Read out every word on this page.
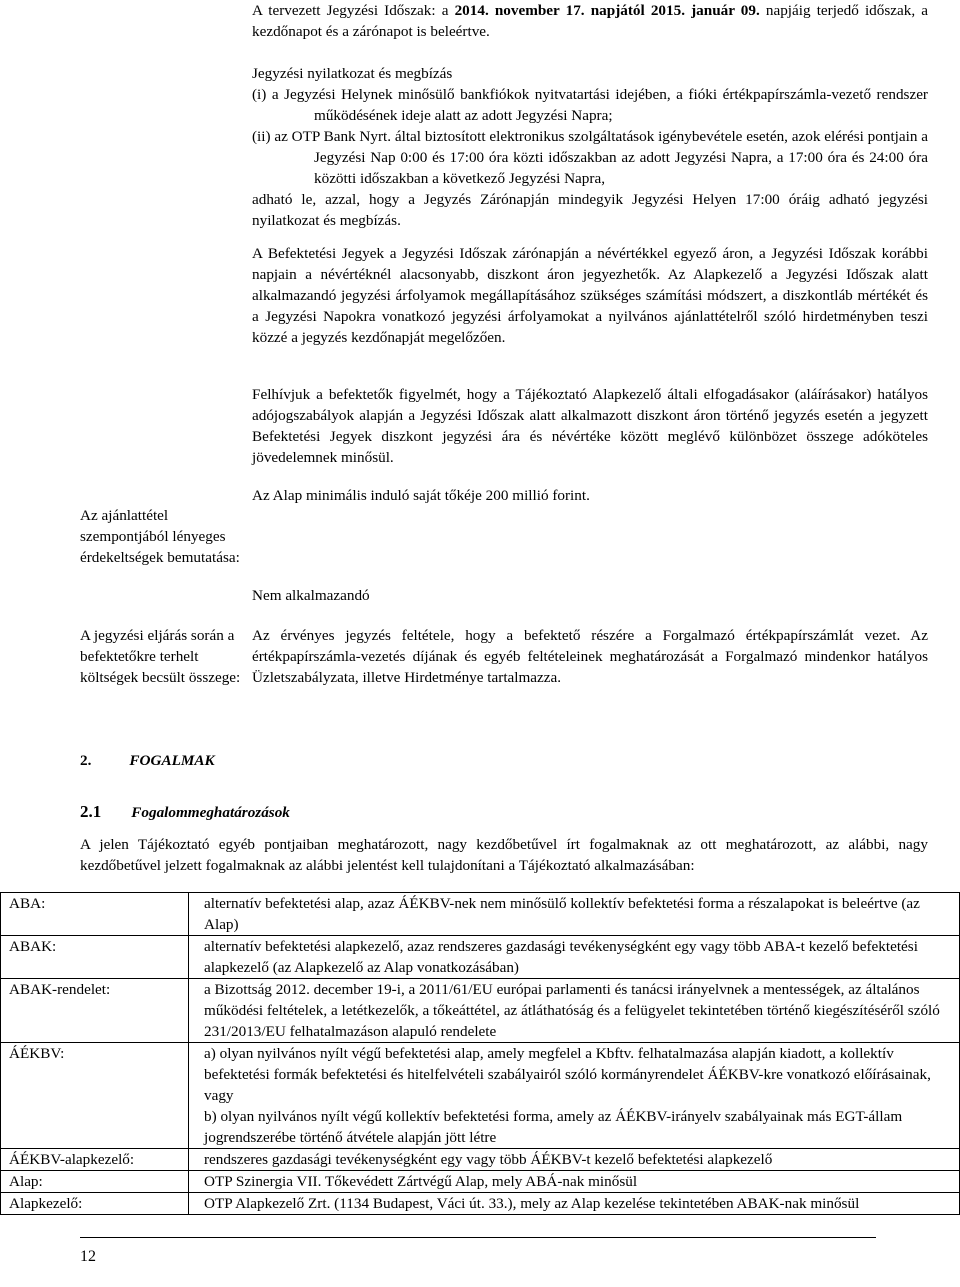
A tervezett Jegyzési Időszak: a 2014. november 17. napjától 2015. január 09. napjáig terjedő időszak, a kezdőnapot és a zárónapot is beleértve.
Jegyzési nyilatkozat és megbízás
(i) a Jegyzési Helynek minősülő bankfiókok nyitvatartási idejében, a fióki értékpapírszámla-vezető rendszer működésének ideje alatt az adott Jegyzési Napra;
(ii) az OTP Bank Nyrt. által biztosított elektronikus szolgáltatások igénybevétele esetén, azok elérési pontjain a Jegyzési Nap 0:00 és 17:00 óra közti időszakban az adott Jegyzési Napra, a 17:00 óra és 24:00 óra közötti időszakban a következő Jegyzési Napra,
adható le, azzal, hogy a Jegyzés Zárónapján mindegyik Jegyzési Helyen 17:00 óráig adható jegyzési nyilatkozat és megbízás.
A Befektetési Jegyek a Jegyzési Időszak zárónapján a névértékkel egyező áron, a Jegyzési Időszak korábbi napjain a névértéknél alacsonyabb, diszkont áron jegyezhetők. Az Alapkezelő a Jegyzési Időszak alatt alkalmazandó jegyzési árfolyamok megállapításához szükséges számítási módszert, a diszkontláb mértékét és a Jegyzési Napokra vonatkozó jegyzési árfolyamokat a nyilvános ajánlattételről szóló hirdetményben teszi közzé a jegyzés kezdőnapját megelőzően.
Felhívjuk a befektetők figyelmét, hogy a Tájékoztató Alapkezelő általi elfogadásakor (aláírásakor) hatályos adójogszabályok alapján a Jegyzési Időszak alatt alkalmazott diszkont áron történő jegyzés esetén a jegyzett Befektetési Jegyek diszkont jegyzési ára és névértéke között meglévő különbözet összege adóköteles jövedelemnek minősül.
Az Alap minimális induló saját tőkéje 200 millió forint.
Az ajánlattétel szempontjából lényeges érdekeltségek bemutatása:
Nem alkalmazandó
A jegyzési eljárás során a befektetőkre terhelt költségek becsült összege:
Az érvényes jegyzés feltétele, hogy a befektető részére a Forgalmazó értékpapírszámlát vezet. Az értékpapírszámla-vezetés díjának és egyéb feltételeinek meghatározását a Forgalmazó mindenkor hatályos Üzletszabályzata, illetve Hirdetménye tartalmazza.
2.	FOGALMAK
2.1 Fogalommeghatározások
A jelen Tájékoztató egyéb pontjaiban meghatározott, nagy kezdőbetűvel írt fogalmaknak az ott meghatározott, az alábbi, nagy kezdőbetűvel jelzett fogalmaknak az alábbi jelentést kell tulajdonítani a Tájékoztató alkalmazásában:
ABA:	alternatív befektetési alap, azaz ÁÉKBV-nek nem minősülő kollektív befektetési forma a részalapokat is beleértve (az Alap)
ABAK:	alternatív befektetési alapkezelő, azaz rendszeres gazdasági tevékenységként egy vagy több ABA-t kezelő befektetési alapkezelő (az Alapkezelő az Alap vonatkozásában)
ABAK-rendelet:	a Bizottság 2012. december 19-i, a 2011/61/EU európai parlamenti és tanácsi irányelvnek a mentességek, az általános működési feltételek, a letétkezelők, a tőkeáttétel, az átláthatóság és a felügyelet tekintetében történő kiegészítéséről szóló 231/2013/EU felhatalmazáson alapuló rendelete
ÁÉKBV:	a) olyan nyilvános nyílt végű befektetési alap, amely megfelel a Kbftv. felhatalmazása alapján kiadott, a kollektív befektetési formák befektetési és hitelfelvételi szabályairól szóló kormányrendelet ÁÉKBV-kre vonatkozó előírásainak, vagy
b) olyan nyilvános nyílt végű kollektív befektetési forma, amely az ÁÉKBV-irányelv szabályainak más EGT-állam jogrendszerébe történő átvétele alapján jött létre

ÁÉKBV-alapkezelő:	rendszeres gazdasági tevékenységként egy vagy több ÁÉKBV-t kezelő befektetési alapkezelő
Alap:	OTP Szinergia VII. Tőkevédett Zártvégű Alap, mely ABÁ-nak minősül
Alapkezelő:	OTP Alapkezelő Zrt. (1134 Budapest, Váci út. 33.), mely az Alap kezelése tekintetében ABAK-nak minősül
12
